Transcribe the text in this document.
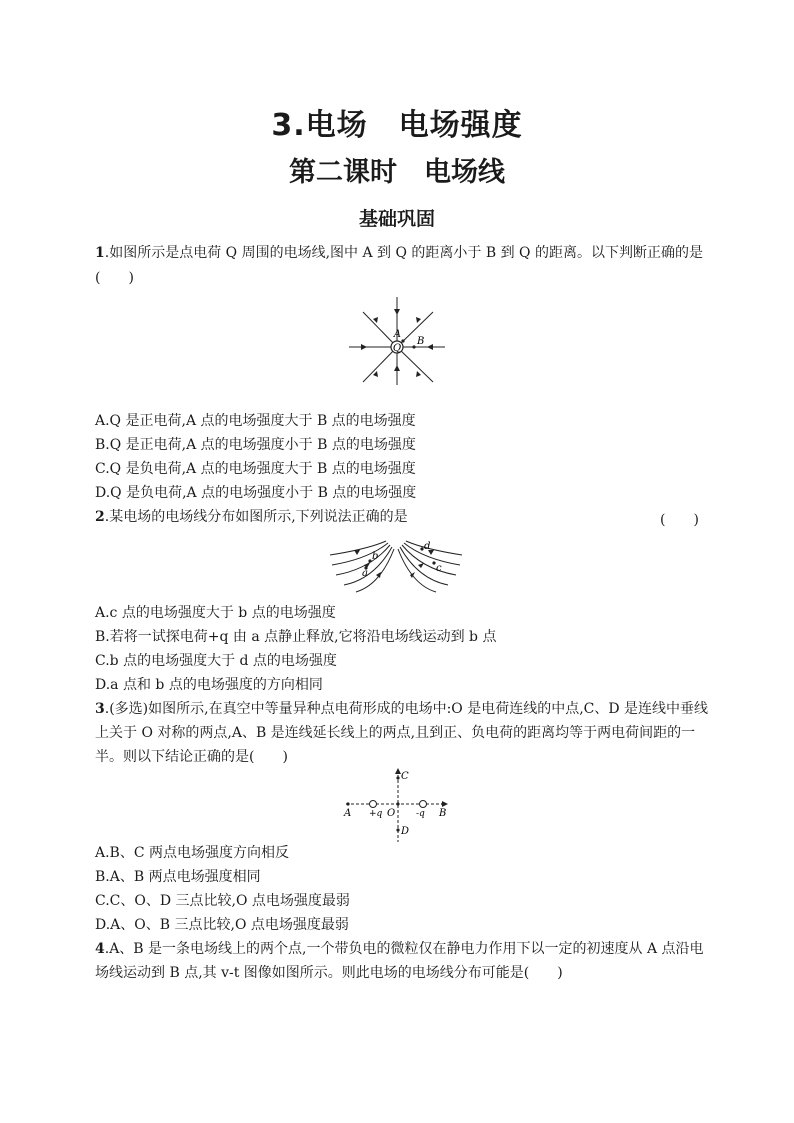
3.电场　电场强度
第二课时　电场线
基础巩固
1.如图所示是点电荷 Q 周围的电场线,图中 A 到 Q 的距离小于 B 到 Q 的距离。以下判断正确的是
(　　)
Q
A
B
A.Q 是正电荷,A 点的电场强度大于 B 点的电场强度
B.Q 是正电荷,A 点的电场强度小于 B 点的电场强度
C.Q 是负电荷,A 点的电场强度大于 B 点的电场强度
D.Q 是负电荷,A 点的电场强度小于 B 点的电场强度
2.某电场的电场线分布如图所示,下列说法正确的是	(　　)
b
a
d
c
A.c 点的电场强度大于 b 点的电场强度
B.若将一试探电荷+q 由 a 点静止释放,它将沿电场线运动到 b 点
C.b 点的电场强度大于 d 点的电场强度
D.a 点和 b 点的电场强度的方向相同
3.(多选)如图所示,在真空中等量异种点电荷形成的电场中:O 是电荷连线的中点,C、D 是连线中垂线
上关于 O 对称的两点,A、B 是连线延长线上的两点,且到正、负电荷的距离均等于两电荷间距的一
半。则以下结论正确的是(　　)
A +q O -q B
C
D
A.B、C 两点电场强度方向相反
B.A、B 两点电场强度相同
C.C、O、D 三点比较,O 点电场强度最弱
D.A、O、B 三点比较,O 点电场强度最弱
4.A、B 是一条电场线上的两个点,一个带负电的微粒仅在静电力作用下以一定的初速度从 A 点沿电
场线运动到 B 点,其 v-t 图像如图所示。则此电场的电场线分布可能是(　　)
